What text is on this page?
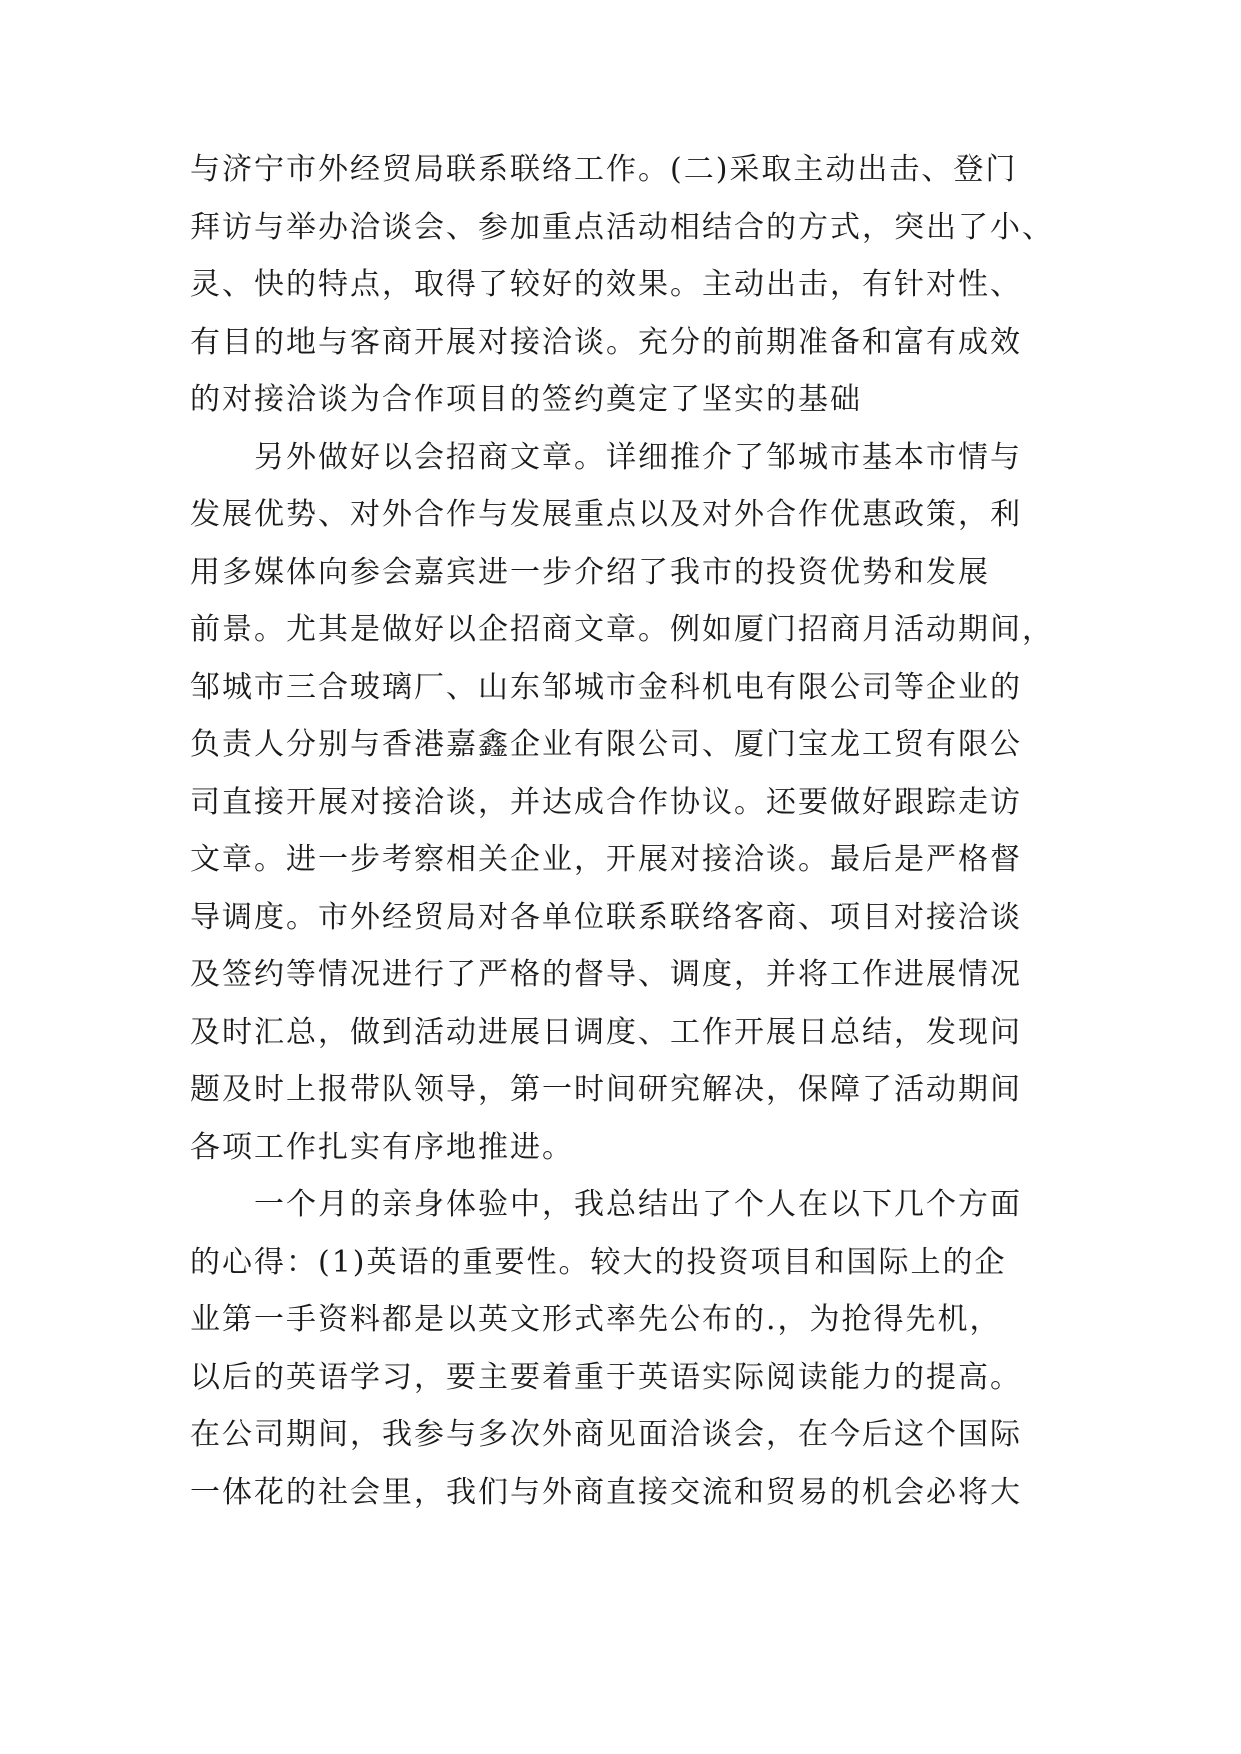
与济宁市外经贸局联系联络工作。(二)采取主动出击、登门
拜访与举办洽谈会、参加重点活动相结合的方式，突出了小、
灵、快的特点，取得了较好的效果。主动出击，有针对性、
有目的地与客商开展对接洽谈。充分的前期准备和富有成效
的对接洽谈为合作项目的签约奠定了坚实的基础
另外做好以会招商文章。详细推介了邹城市基本市情与
发展优势、对外合作与发展重点以及对外合作优惠政策，利
用多媒体向参会嘉宾进一步介绍了我市的投资优势和发展
前景。尤其是做好以企招商文章。例如厦门招商月活动期间，
邹城市三合玻璃厂、山东邹城市金科机电有限公司等企业的
负责人分别与香港嘉鑫企业有限公司、厦门宝龙工贸有限公
司直接开展对接洽谈，并达成合作协议。还要做好跟踪走访
文章。进一步考察相关企业，开展对接洽谈。最后是严格督
导调度。市外经贸局对各单位联系联络客商、项目对接洽谈
及签约等情况进行了严格的督导、调度，并将工作进展情况
及时汇总，做到活动进展日调度、工作开展日总结，发现问
题及时上报带队领导，第一时间研究解决，保障了活动期间
各项工作扎实有序地推进。
一个月的亲身体验中，我总结出了个人在以下几个方面
的心得：(1)英语的重要性。较大的投资项目和国际上的企
业第一手资料都是以英文形式率先公布的.，为抢得先机，
以后的英语学习，要主要着重于英语实际阅读能力的提高。
在公司期间，我参与多次外商见面洽谈会，在今后这个国际
一体花的社会里，我们与外商直接交流和贸易的机会必将大
